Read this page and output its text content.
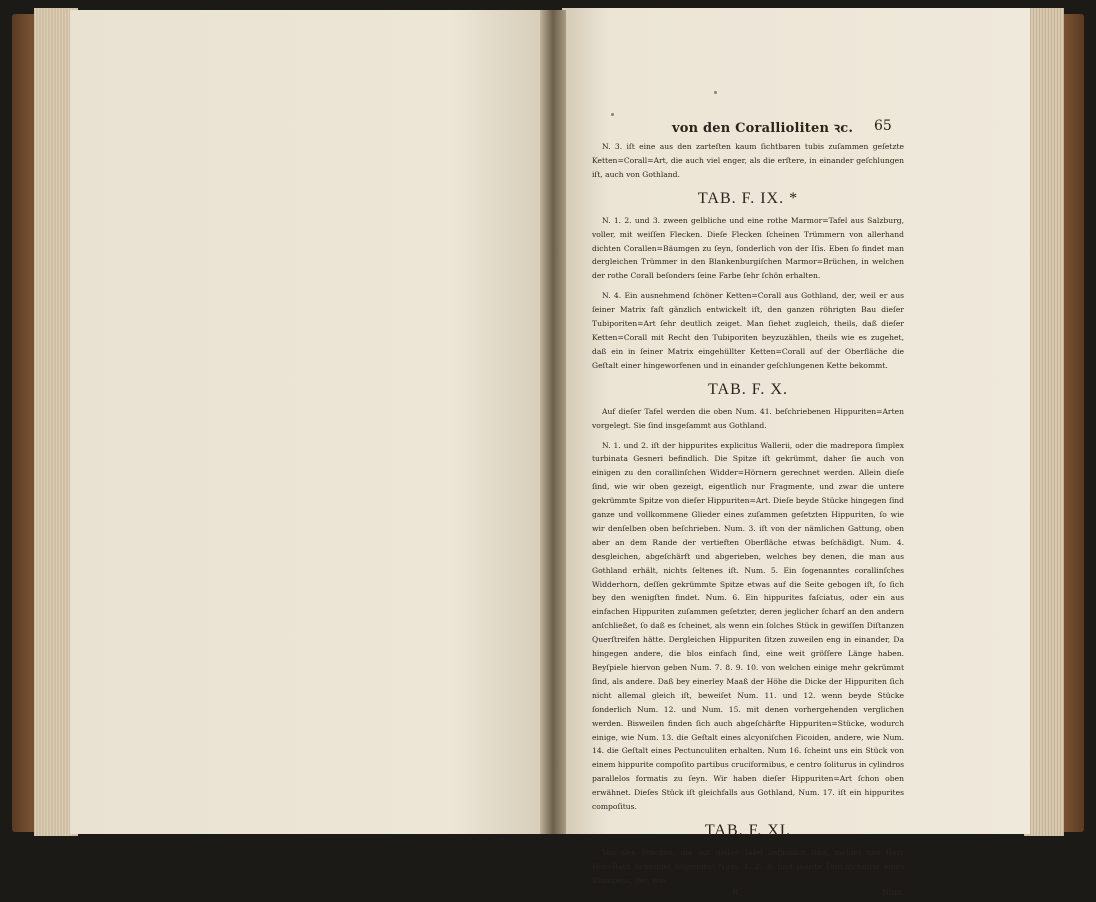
von den Corallioliten ꝛc. 65

N. 3. iſt eine aus den zarteſten kaum ſichtbaren tubis zuſammen geſetzte Ketten=Corall=Art, die auch viel enger, als die erſtere, in einander geſchlungen iſt, auch von Gothland.

TAB. F. IX. *

N. 1. 2. und 3. zween gelbliche und eine rothe Marmor=Tafel aus Salzburg, voller, mit weiſſen Flecken. Dieſe Flecken ſcheinen Trümmern von allerhand dichten Corallen=Bäumgen zu ſeyn, ſonderlich von der Iſis. Eben ſo findet man dergleichen Trümmer in den Blankenburgiſchen Marmor=Brüchen, in welchen der rothe Corall beſonders ſeine Farbe ſehr ſchön erhalten.

N. 4. Ein ausnehmend ſchöner Ketten=Corall aus Gothland, der, weil er aus ſeiner Matrix faſt gänzlich entwickelt iſt, den ganzen röhrigten Bau dieſer Tubiporiten=Art ſehr deutlich zeiget. Man ſiehet zugleich, theils, daß dieſer Ketten=Corall mit Recht den Tubiporiten beyzuzählen, theils wie es zugehet, daß ein in ſeiner Matrix eingehüllter Ketten=Corall auf der Oberfläche die Geſtalt einer hingeworfenen und in einander geſchlungenen Kette bekommt.

TAB. F. X.

Auf dieſer Tafel werden die oben Num. 41. beſchriebenen Hippuriten=Arten vorgelegt. Sie ſind insgeſammt aus Gothland.

N. 1. und 2. iſt der hippurites explicitus Wallerii, oder die madrepora ſimplex turbinata Gesneri befindlich. Die Spitze iſt gekrümmt, daher ſie auch von einigen zu den corallinſchen Widder=Hörnern gerechnet werden. Allein dieſe ſind, wie wir oben gezeigt, eigentlich nur Fragmente, und zwar die untere gekrümmte Spitze von dieſer Hippuriten=Art. Dieſe beyde Stücke hingegen ſind ganze und vollkommene Glieder eines zuſammen geſetzten Hippuriten, ſo wie wir denſelben oben beſchrieben. Num. 3. iſt von der nämlichen Gattung, oben aber an dem Rande der vertieften Oberfläche etwas beſchädigt. Num. 4. desgleichen, abgeſchärft und abgerieben, welches bey denen, die man aus Gothland erhält, nichts ſeltenes iſt. Num. 5. Ein ſogenanntes corallinſches Widderhorn, deſſen gekrümmte Spitze etwas auf die Seite gebogen iſt, ſo ſich bey den wenigſten findet. Num. 6. Ein hippurites faſciatus, oder ein aus einfachen Hippuriten zuſammen geſetzter, deren jeglicher ſcharf an den andern anſchließet, ſo daß es ſcheinet, als wenn ein ſolches Stück in gewiſſen Diſtanzen Querſtreifen hätte. Dergleichen Hippuriten ſitzen zuweilen eng in einander, Da hingegen andere, die blos einfach ſind, eine weit gröſſere Länge haben. Beyſpiele hiervon geben Num. 7. 8. 9. 10. von welchen einige mehr gekrümmt ſind, als andere. Daß bey einerley Maaß der Höhe die Dicke der Hippuriten ſich nicht allemal gleich iſt, beweiſet Num. 11. und 12. wenn beyde Stücke ſonderlich Num. 12. und Num. 15. mit denen vorhergehenden verglichen werden. Bisweilen finden ſich auch abgeſchärfte Hippuriten=Stücke, wodurch einige, wie Num. 13. die Geſtalt eines alcyoniſchen Ficoiden, andere, wie Num. 14. die Geſtalt eines Pectunculiten erhalten. Num 16. ſcheint uns ein Stück von einem hippurite compoſito partibus cruciformibus, e centro ſoliturus in cylindros parallelos formatis zu ſeyn. Wir haben dieſer Hippuriten=Art ſchon oben erwähnet. Dieſes Stück iſt gleichfalls aus Gothland, Num. 17. iſt ein hippurites compoſitus.

TAB. F. XI.

Von den Stücken, die auf dieſer Tafel befindlich ſind, meldet uns Herr Hof=Rath Schmidel folgendes: Num. 1. 2. 3. ſind polirte Durchſchnitte eines Klumpens, der, wie

R	Num.
